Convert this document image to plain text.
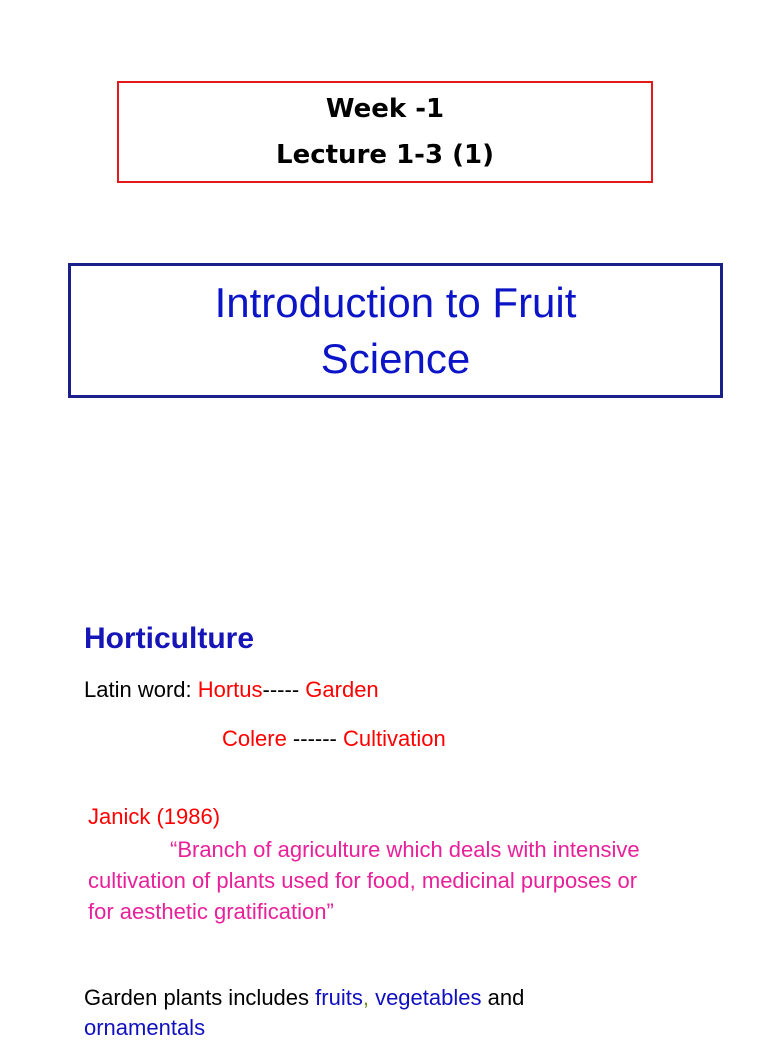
Week -1
Lecture 1-3 (1)
Introduction to Fruit
Science
Horticulture
Latin word: Hortus----- Garden
Colere ------ Cultivation
Janick (1986)
“Branch of agriculture which deals with intensive cultivation of plants used for food, medicinal purposes or for aesthetic gratification”
Garden plants includes fruits, vegetables and
ornamentals
